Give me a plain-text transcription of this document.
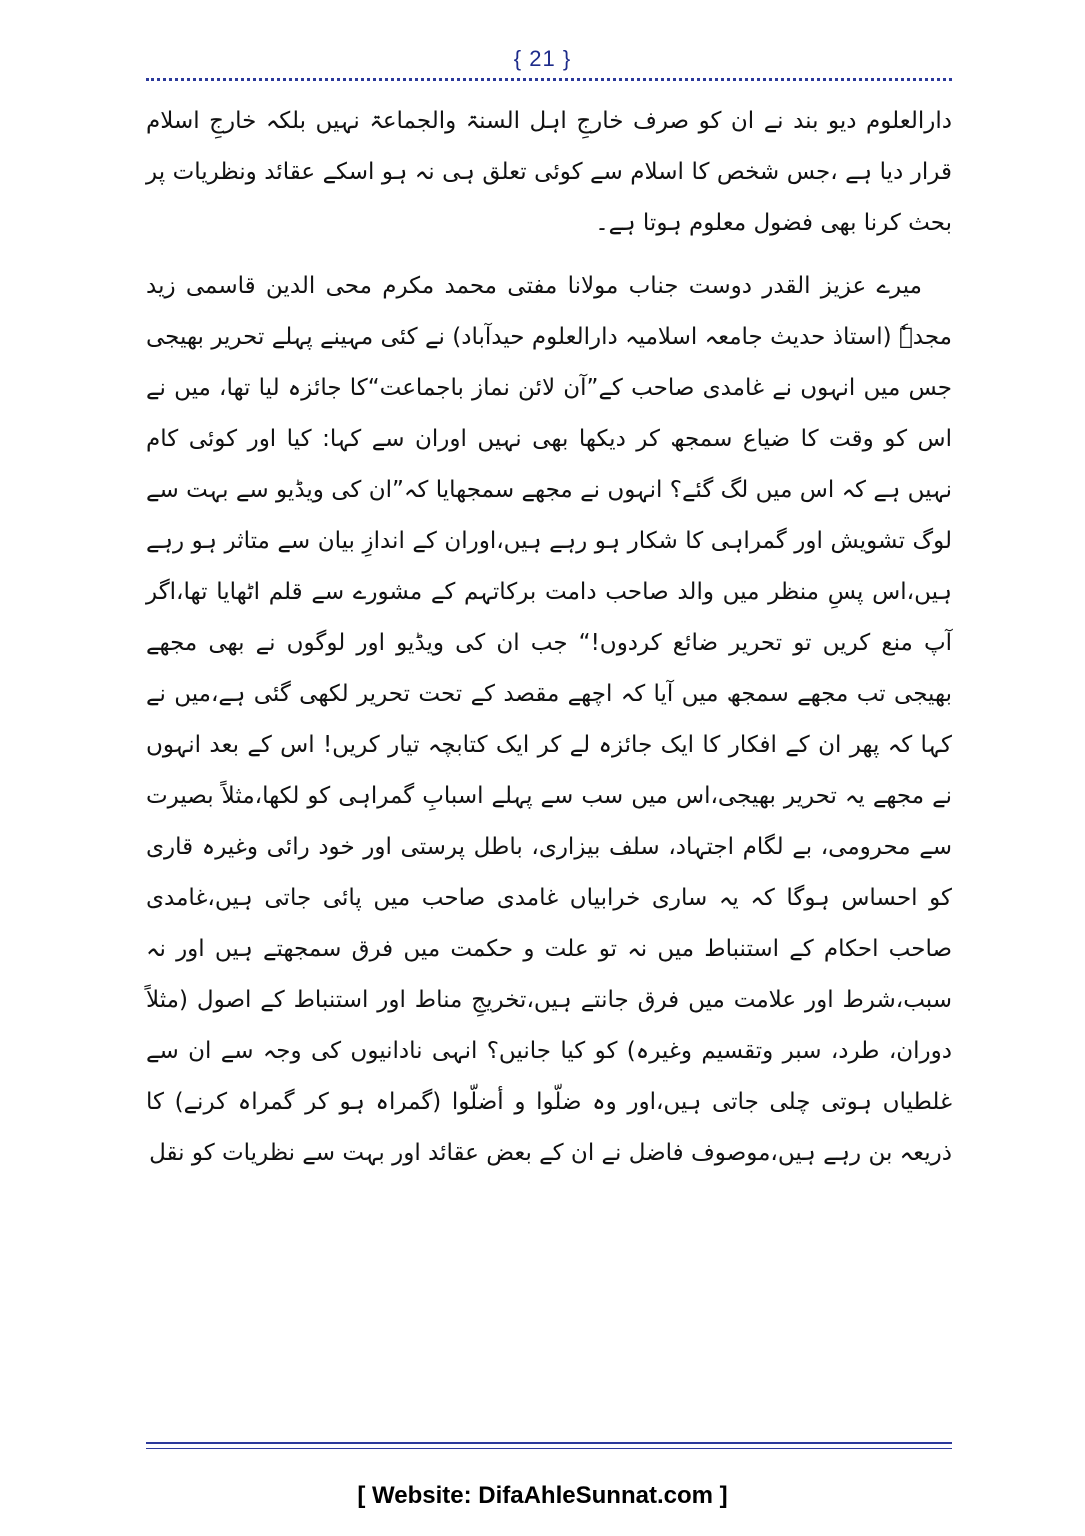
{ 21 }

دارالعلوم دیو بند نے ان کو صرف خارجِ اہل السنۃ والجماعۃ نہیں بلکہ خارجِ اسلام قرار دیا ہے ،جس شخص کا اسلام سے کوئی تعلق ہی نہ ہو اسکے عقائد ونظریات پر بحث کرنا بھی فضول معلوم ہوتا ہے۔

میرے عزیز القدر دوست جناب مولانا مفتی محمد مکرم محی الدین قاسمی زید مجدہٗ (استاذ حدیث جامعہ اسلامیہ دارالعلوم حیدآباد) نے کئی مہینے پہلے تحریر بھیجی جس میں انہوں نے غامدی صاحب کے”آن لائن نماز باجماعت“کا جائزہ لیا تھا، میں نے اس کو وقت کا ضیاع سمجھ کر دیکھا بھی نہیں اوران سے کہا: کیا اور کوئی کام نہیں ہے کہ اس میں لگ گئے؟ انہوں نے مجھے سمجھایا کہ”ان کی ویڈیو سے بہت سے لوگ تشویش اور گمراہی کا شکار ہو رہے ہیں،اوران کے اندازِ بیان سے متاثر ہو رہے ہیں،اس پسِ منظر میں والد صاحب دامت برکاتہم کے مشورے سے قلم اٹھایا تھا،اگر آپ منع کریں تو تحریر ضائع کردوں!“ جب ان کی ویڈیو اور لوگوں نے بھی مجھے بھیجی تب مجھے سمجھ میں آیا کہ اچھے مقصد کے تحت تحریر لکھی گئی ہے،میں نے کہا کہ پھر ان کے افکار کا ایک جائزہ لے کر ایک کتابچہ تیار کریں! اس کے بعد انہوں نے مجھے یہ تحریر بھیجی،اس میں سب سے پہلے اسبابِ گمراہی کو لکھا،مثلاً بصیرت سے محرومی، بے لگام اجتہاد، سلف بیزاری، باطل پرستی اور خود رائی وغیرہ قاری کو احساس ہوگا کہ یہ ساری خرابیاں غامدی صاحب میں پائی جاتی ہیں،غامدی صاحب احکام کے استنباط میں نہ تو علت و حکمت میں فرق سمجھتے ہیں اور نہ سبب،شرط اور علامت میں فرق جانتے ہیں،تخریجِ مناط اور استنباط کے اصول (مثلاً دوران، طرد، سبر وتقسیم وغیرہ) کو کیا جانیں؟ انہی نادانیوں کی وجہ سے ان سے غلطیاں ہوتی چلی جاتی ہیں،اور وہ ضلّوا و أضلّوا (گمراہ ہو کر گمراہ کرنے) کا ذریعہ بن رہے ہیں،موصوف فاضل نے ان کے بعض عقائد اور بہت سے نظریات کو نقل

[ Website: DifaAhleSunnat.com ]
